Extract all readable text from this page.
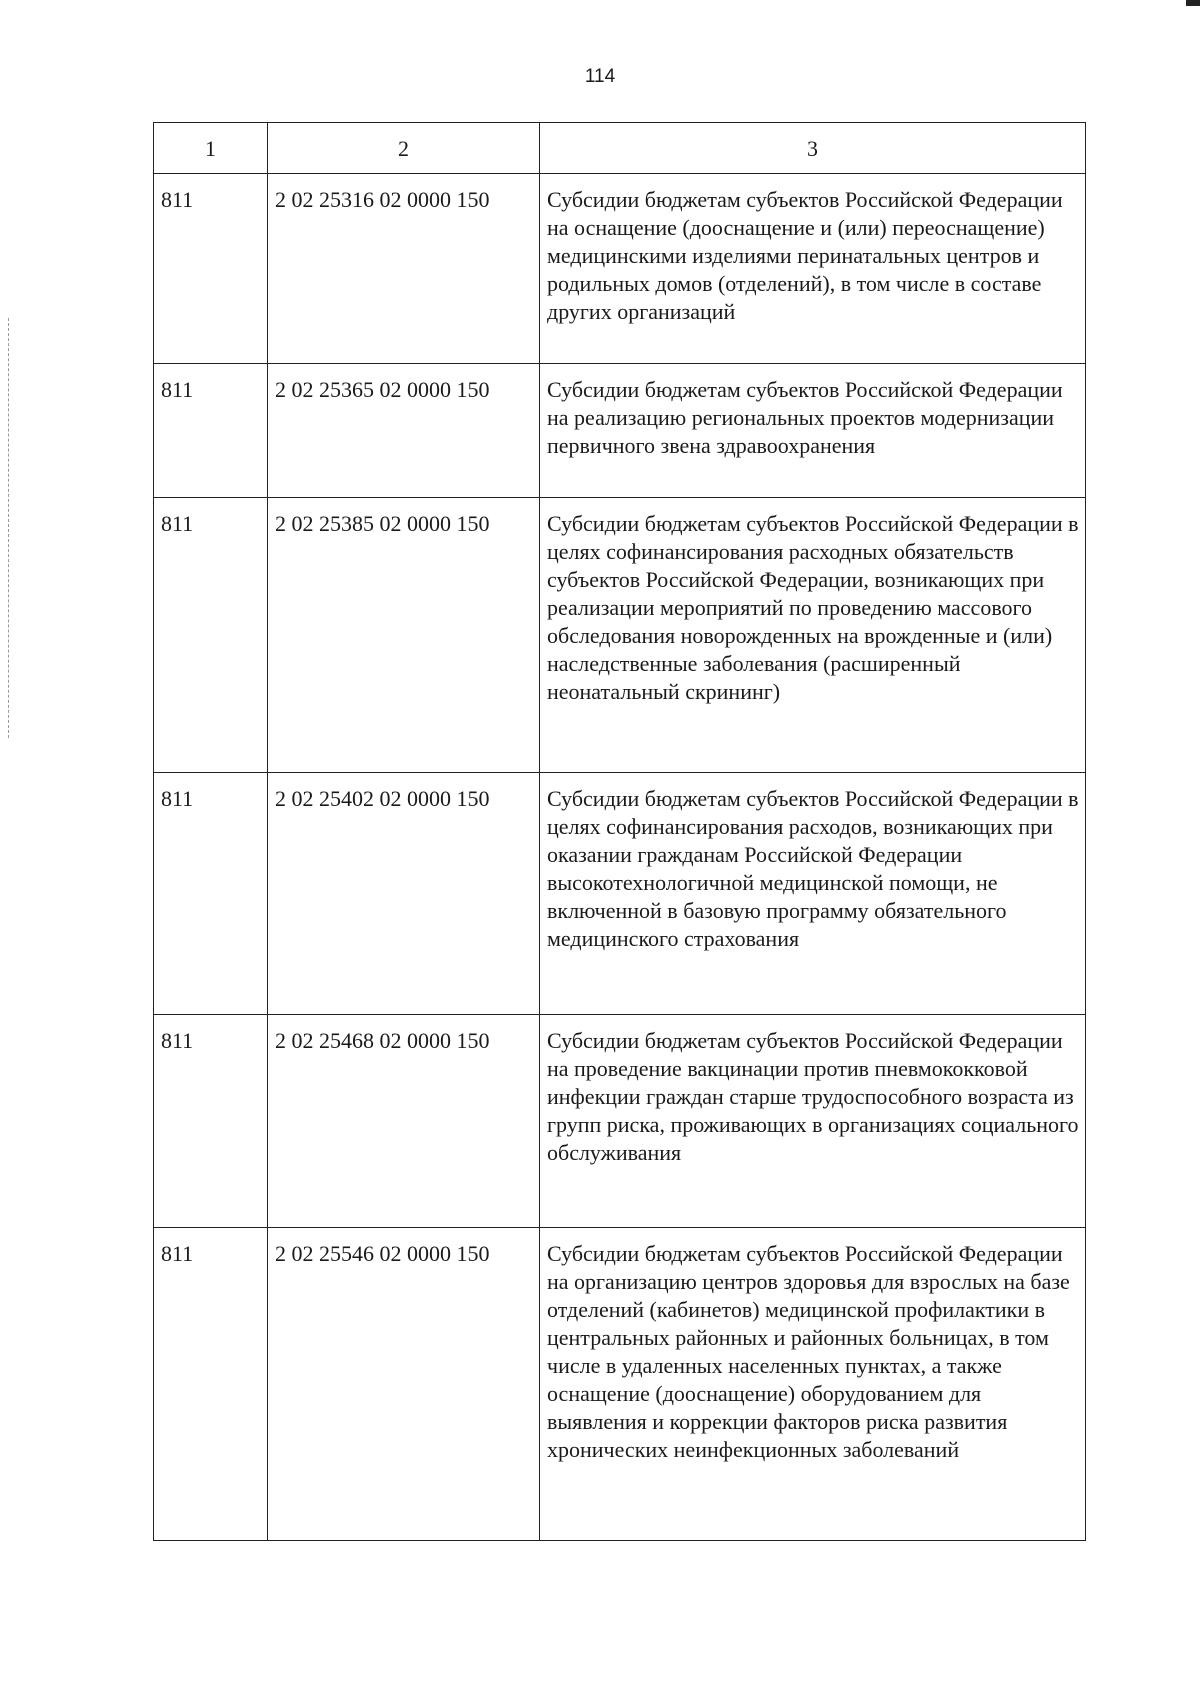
114
1	2	3
811	2 02 25316 02 0000 150	Субсидии бюджетам субъектов Российской Федерации на оснащение (дооснащение и (или) переоснащение) медицинскими изделиями перинатальных центров и родильных домов (отделений), в том числе в составе других организаций
811	2 02 25365 02 0000 150	Субсидии бюджетам субъектов Российской Федерации на реализацию региональных проектов модернизации первичного звена здравоохранения
811	2 02 25385 02 0000 150	Субсидии бюджетам субъектов Российской Федерации в целях софинансирования расходных обязательств субъектов Российской Федерации, возникающих при реализации мероприятий по проведению массового обследования новорожденных на врожденные и (или) наследственные заболевания (расширенный неонатальный скрининг)
811	2 02 25402 02 0000 150	Субсидии бюджетам субъектов Российской Федерации в целях софинансирования расходов, возникающих при оказании гражданам Российской Федерации высокотехнологичной медицинской помощи, не включенной в базовую программу обязательного медицинского страхования
811	2 02 25468 02 0000 150	Субсидии бюджетам субъектов Российской Федерации на проведение вакцинации против пневмококковой инфекции граждан старше трудоспособного возраста из групп риска, проживающих в организациях социального обслуживания
811	2 02 25546 02 0000 150	Субсидии бюджетам субъектов Российской Федерации на организацию центров здоровья для взрослых на базе отделений (кабинетов) медицинской профилактики в центральных районных и районных больницах, в том числе в удаленных населенных пунктах, а также оснащение (дооснащение) оборудованием для выявления и коррекции факторов риска развития хронических неинфекционных заболеваний
